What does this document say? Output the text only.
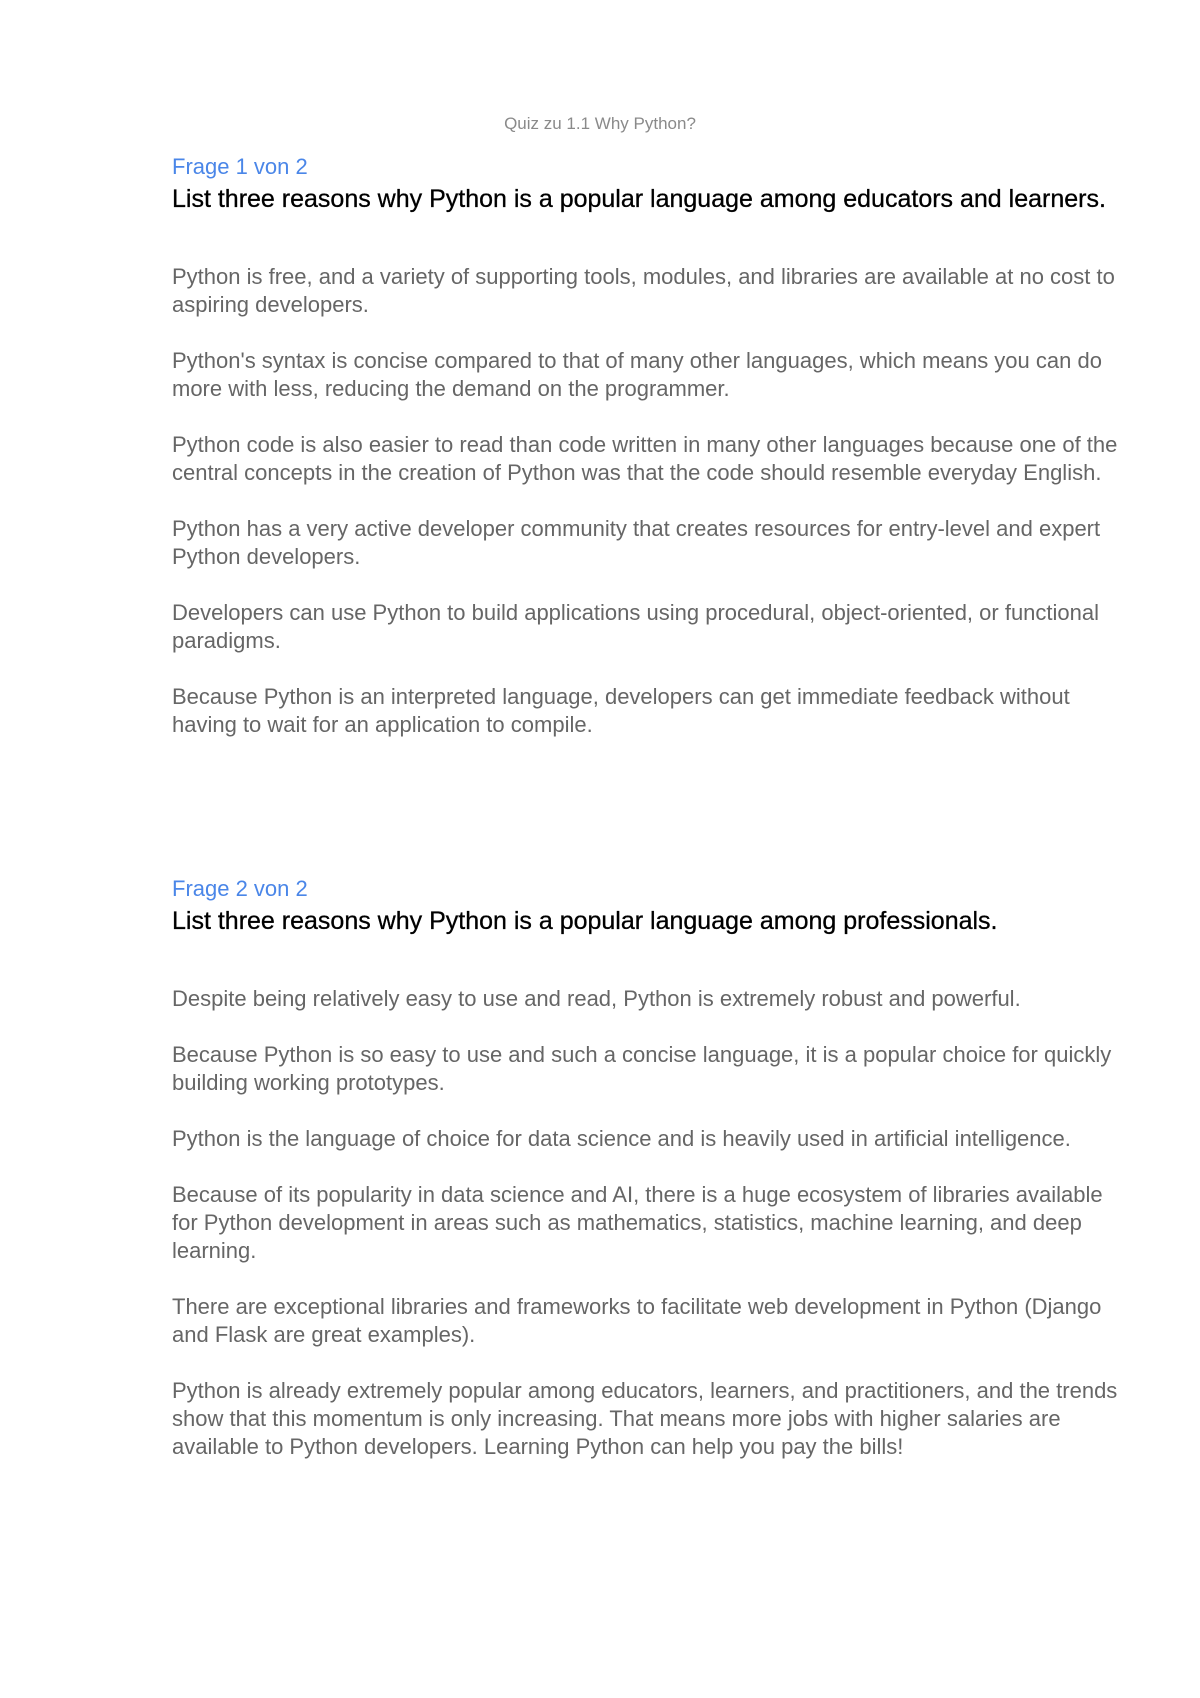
Quiz zu 1.1 Why Python?

Frage 1 von 2

List three reasons why Python is a popular language among educators and learners.
Python is free, and a variety of supporting tools, modules, and libraries are available at no cost to aspiring developers.
Python's syntax is concise compared to that of many other languages, which means you can do more with less, reducing the demand on the programmer.
Python code is also easier to read than code written in many other languages because one of the central concepts in the creation of Python was that the code should resemble everyday English.
Python has a very active developer community that creates resources for entry-level and expert Python developers.
Developers can use Python to build applications using procedural, object-oriented, or functional paradigms.
Because Python is an interpreted language, developers can get immediate feedback without having to wait for an application to compile.

Frage 2 von 2

List three reasons why Python is a popular language among professionals.
Despite being relatively easy to use and read, Python is extremely robust and powerful.
Because Python is so easy to use and such a concise language, it is a popular choice for quickly building working prototypes.
Python is the language of choice for data science and is heavily used in artificial intelligence.
Because of its popularity in data science and AI, there is a huge ecosystem of libraries available for Python development in areas such as mathematics, statistics, machine learning, and deep learning.
There are exceptional libraries and frameworks to facilitate web development in Python (Django and Flask are great examples).
Python is already extremely popular among educators, learners, and practitioners, and the trends show that this momentum is only increasing. That means more jobs with higher salaries are available to Python developers. Learning Python can help you pay the bills!
